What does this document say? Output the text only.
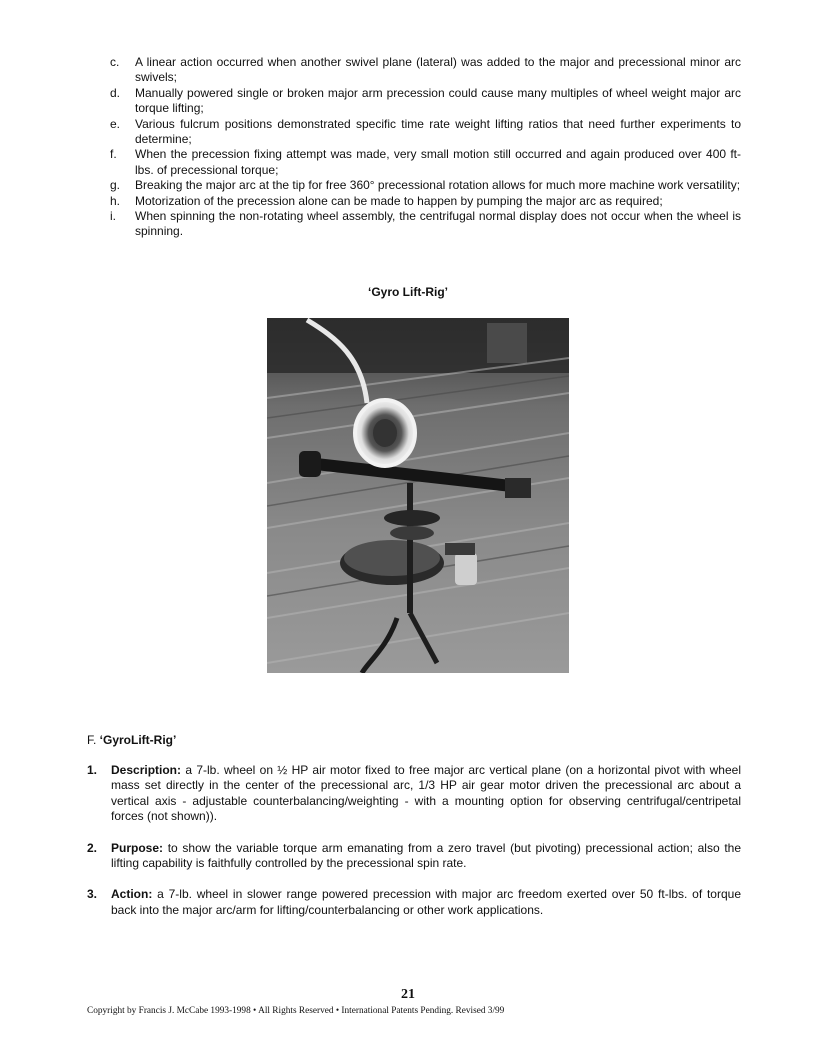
c. A linear action occurred when another swivel plane (lateral) was added to the major and precessional minor arc swivels;
d. Manually powered single or broken major arm precession could cause many multiples of wheel weight major arc torque lifting;
e. Various fulcrum positions demonstrated specific time rate weight lifting ratios that need further experiments to determine;
f. When the precession fixing attempt was made, very small motion still occurred and again produced over 400 ft-lbs. of precessional torque;
g. Breaking the major arc at the tip for free 360° precessional rotation allows for much more machine work versatility;
h. Motorization of the precession alone can be made to happen by pumping the major arc as required;
i. When spinning the non-rotating wheel assembly, the centrifugal normal display does not occur when the wheel is spinning.
‘Gyro Lift-Rig’
F. ‘GyroLift-Rig’
1. Description: a 7-lb. wheel on ½ HP air motor fixed to free major arc vertical plane (on a horizontal pivot with wheel mass set directly in the center of the precessional arc, 1/3 HP air gear motor driven the precessional arc about a vertical axis - adjustable counterbalancing/weighting - with a mounting option for observing centrifugal/centripetal forces (not shown)).
2. Purpose: to show the variable torque arm emanating from a zero travel (but pivoting) precessional action; also the lifting capability is faithfully controlled by the precessional spin rate.
3. Action: a 7-lb. wheel in slower range powered precession with major arc freedom exerted over 50 ft-lbs. of torque back into the major arc/arm for lifting/counterbalancing or other work applications.
21
Copyright by Francis J. McCabe 1993-1998 • All Rights Reserved • International Patents Pending. Revised 3/99
